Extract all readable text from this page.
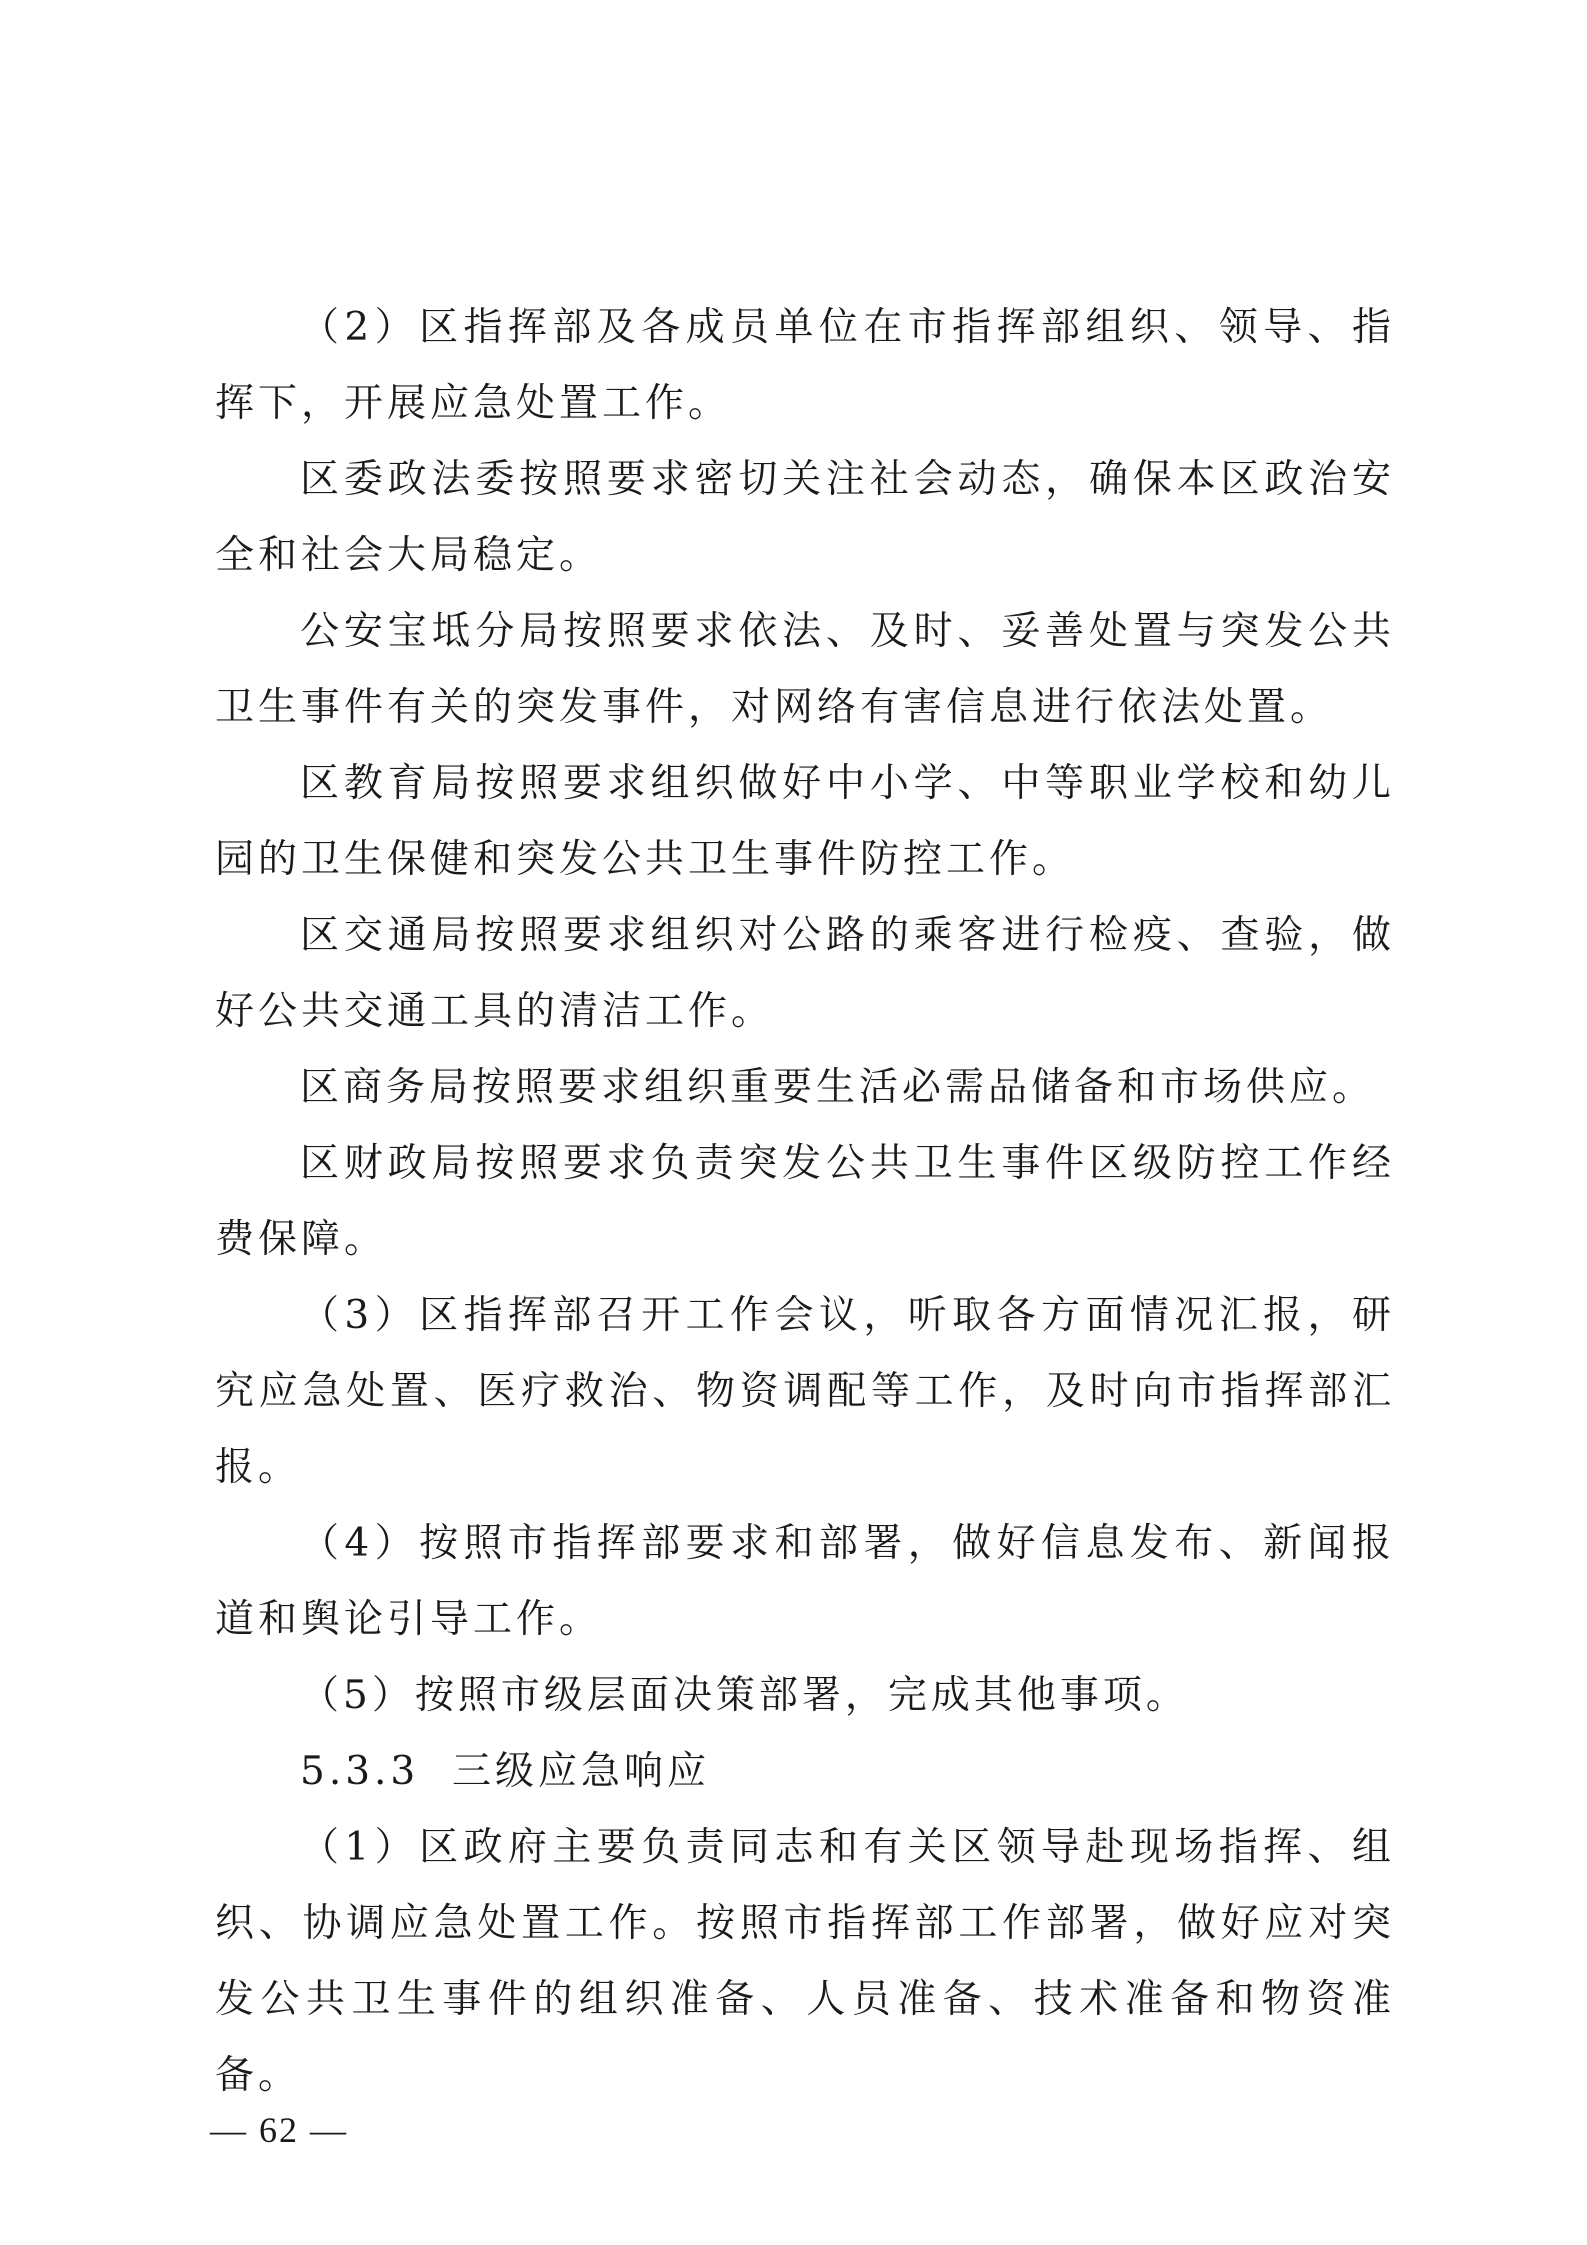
（2）区指挥部及各成员单位在市指挥部组织、领导、指挥下，开展应急处置工作。

区委政法委按照要求密切关注社会动态，确保本区政治安全和社会大局稳定。

公安宝坻分局按照要求依法、及时、妥善处置与突发公共卫生事件有关的突发事件，对网络有害信息进行依法处置。

区教育局按照要求组织做好中小学、中等职业学校和幼儿园的卫生保健和突发公共卫生事件防控工作。

区交通局按照要求组织对公路的乘客进行检疫、查验，做好公共交通工具的清洁工作。

区商务局按照要求组织重要生活必需品储备和市场供应。

区财政局按照要求负责突发公共卫生事件区级防控工作经费保障。

（3）区指挥部召开工作会议，听取各方面情况汇报，研究应急处置、医疗救治、物资调配等工作，及时向市指挥部汇报。

（4）按照市指挥部要求和部署，做好信息发布、新闻报道和舆论引导工作。

（5）按照市级层面决策部署，完成其他事项。

5.3.3  三级应急响应

（1）区政府主要负责同志和有关区领导赴现场指挥、组织、协调应急处置工作。按照市指挥部工作部署，做好应对突发公共卫生事件的组织准备、人员准备、技术准备和物资准备。

— 62 —
